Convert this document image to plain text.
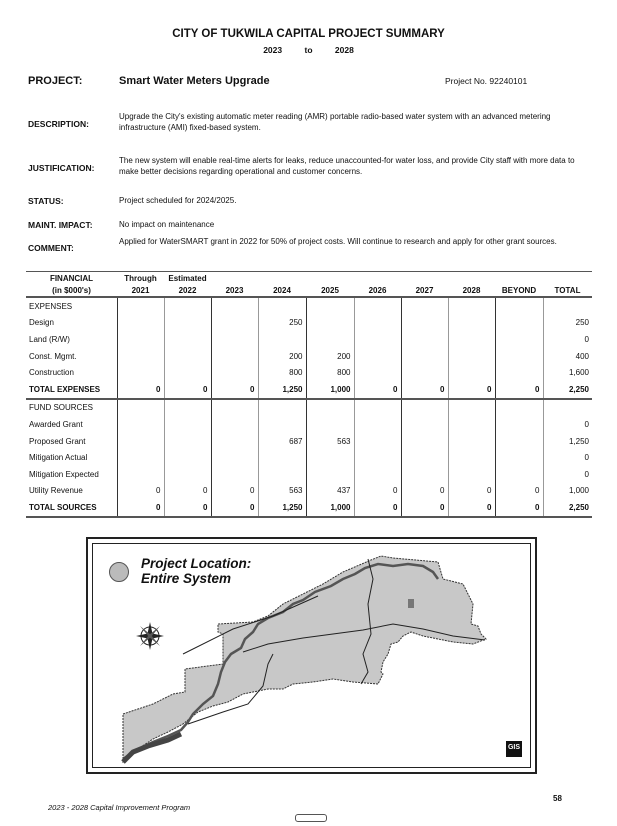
CITY OF TUKWILA CAPITAL PROJECT SUMMARY
2023	to	2028
PROJECT:	Smart Water Meters Upgrade	Project No. 92240101
DESCRIPTION:
Upgrade the City's existing automatic meter reading (AMR) portable radio-based water system with an advanced metering infrastructure (AMI) fixed-based system.
JUSTIFICATION:
The new system will enable real-time alerts for leaks, reduce unaccounted-for water loss, and provide City staff with more data to make better decisions regarding operational and customer concerns.
STATUS:	Project scheduled for 2024/2025.
MAINT. IMPACT:	No impact on maintenance
COMMENT:
Applied for WaterSMART grant in 2022 for 50% of project costs. Will continue to research and apply for other grant sources.
FINANCIAL	Through	Estimated								
(in $000's)	2021	2022	2023	2024	2025	2026	2027	2028	BEYOND	TOTAL
EXPENSES										
Design				250						250
Land (R/W)										0
Const. Mgmt.				200	200					400
Construction				800	800					1,600
TOTAL EXPENSES	0	0	0	1,250	1,000	0	0	0	0	2,250
FUND SOURCES										
Awarded Grant										0
Proposed Grant				687	563					1,250
Mitigation Actual										0
Mitigation Expected										0
Utility Revenue	0	0	0	563	437	0	0	0	0	1,000
TOTAL SOURCES	0	0	0	1,250	1,000	0	0	0	0	2,250
Project Location:
Entire System
GIS
2023 - 2028 Capital Improvement Program
58
